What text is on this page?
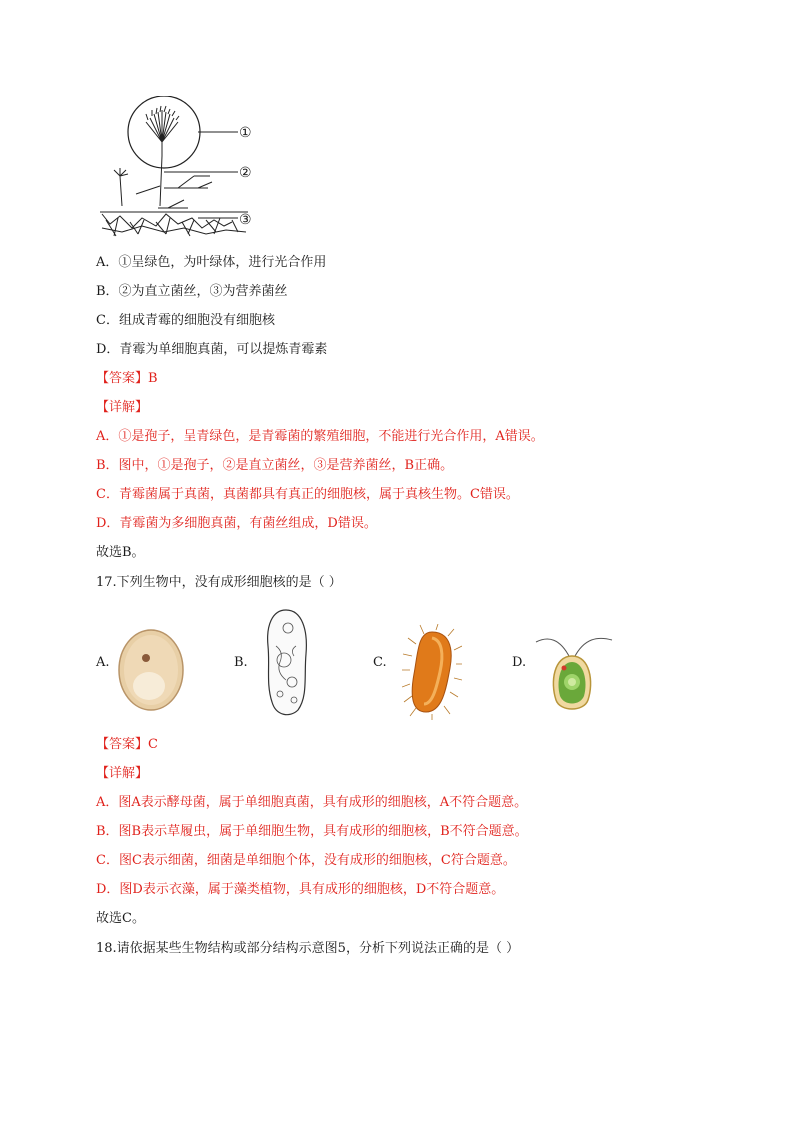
①
②
③
A．①呈绿色，为叶绿体，进行光合作用
B．②为直立菌丝，③为营养菌丝
C．组成青霉的细胞没有细胞核
D．青霉为单细胞真菌，可以提炼青霉素
【答案】B
【详解】
A．①是孢子，呈青绿色，是青霉菌的繁殖细胞，不能进行光合作用，A错误。
B．图中，①是孢子，②是直立菌丝，③是营养菌丝，B正确。
C．青霉菌属于真菌，真菌都具有真正的细胞核，属于真核生物。C错误。
D．青霉菌为多细胞真菌，有菌丝组成，D错误。
故选B。
17.下列生物中，没有成形细胞核的是（ ）
A.	B.	C.	D.
【答案】C
【详解】
A．图A表示酵母菌，属于单细胞真菌，具有成形的细胞核，A不符合题意。
B．图B表示草履虫，属于单细胞生物，具有成形的细胞核，B不符合题意。
C．图C表示细菌，细菌是单细胞个体，没有成形的细胞核，C符合题意。
D．图D表示衣藻，属于藻类植物，具有成形的细胞核，D不符合题意。
故选C。
18.请依据某些生物结构或部分结构示意图5，分析下列说法正确的是（ ）
